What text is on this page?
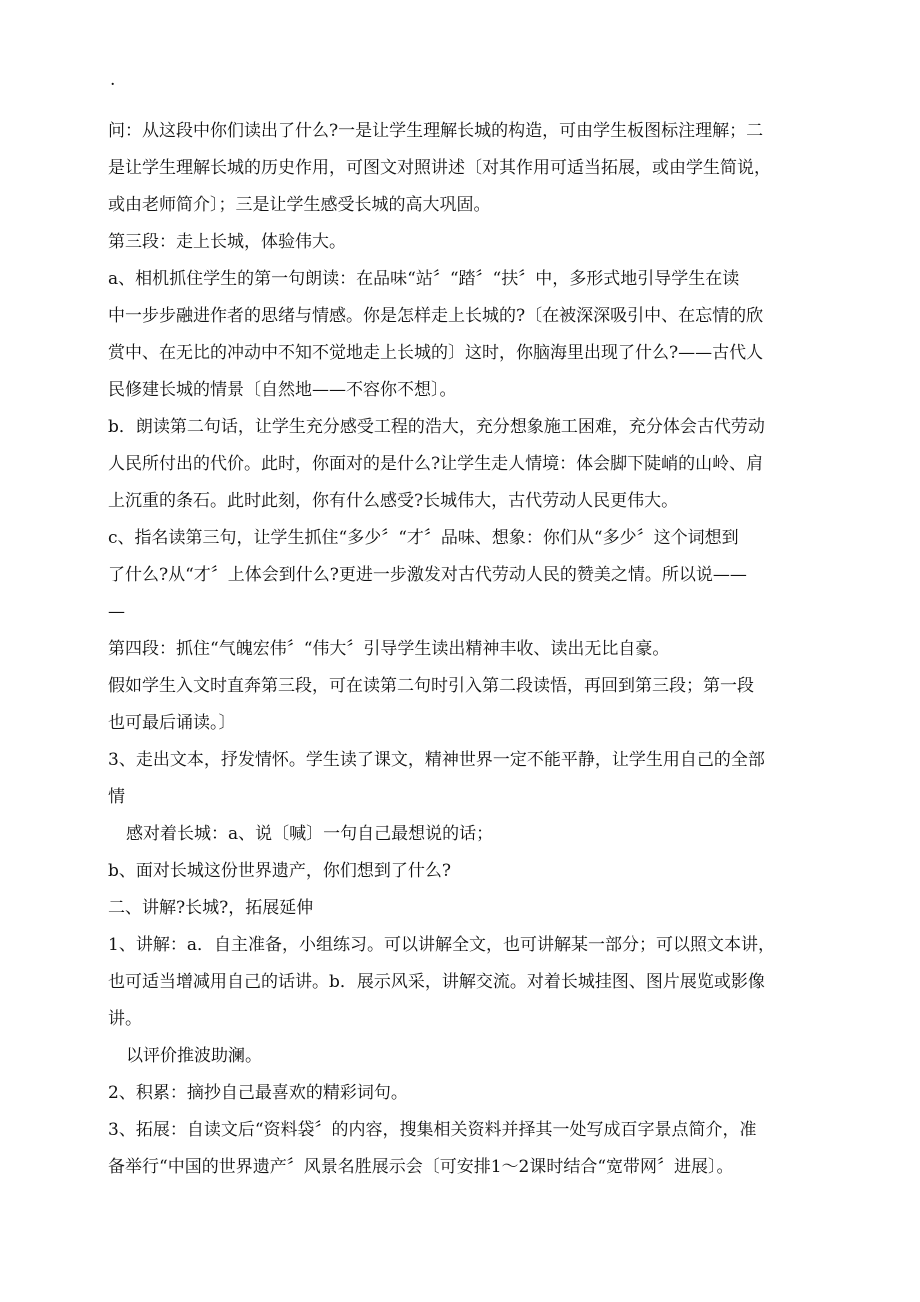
.
问：从这段中你们读出了什么?一是让学生理解长城的构造，可由学生板图标注理解；二
是让学生理解长城的历史作用，可图文对照讲述〔对其作用可适当拓展，或由学生简说，
或由老师简介〕；三是让学生感受长城的高大巩固。
第三段：走上长城，体验伟大。
a、相机抓住学生的第一句朗读：在品味“站〞“踏〞“扶〞中，多形式地引导学生在读
中一步步融进作者的思绪与情感。你是怎样走上长城的?〔在被深深吸引中、在忘情的欣
赏中、在无比的冲动中不知不觉地走上长城的〕这时，你脑海里出现了什么?——古代人
民修建长城的情景〔自然地——不容你不想〕。
b．朗读第二句话，让学生充分感受工程的浩大，充分想象施工困难，充分体会古代劳动
人民所付出的代价。此时，你面对的是什么?让学生走人情境：体会脚下陡峭的山岭、肩
上沉重的条石。此时此刻，你有什么感受?长城伟大，古代劳动人民更伟大。
c、指名读第三句，让学生抓住“多少〞“才〞品味、想象：你们从“多少〞这个词想到
了什么?从“才〞上体会到什么?更进一步激发对古代劳动人民的赞美之情。所以说——
—
第四段：抓住“气魄宏伟〞“伟大〞引导学生读出精神丰收、读出无比自豪。
假如学生入文时直奔第三段，可在读第二句时引入第二段读悟，再回到第三段；第一段
也可最后诵读。〕
3、走出文本，抒发情怀。学生读了课文，精神世界一定不能平静，让学生用自己的全部
情
感对着长城：a、说〔喊〕一句自己最想说的话；
b、面对长城这份世界遗产，你们想到了什么?
二、讲解?长城?，拓展延伸
1、讲解：a．自主准备，小组练习。可以讲解全文，也可讲解某一部分；可以照文本讲，
也可适当增减用自己的话讲。b．展示风采，讲解交流。对着长城挂图、图片展览或影像
讲。
以评价推波助澜。
2、积累：摘抄自己最喜欢的精彩词句。
3、拓展：自读文后“资料袋〞的内容，搜集相关资料并择其一处写成百字景点简介，准
备举行“中国的世界遗产〞风景名胜展示会〔可安排1～2课时结合“宽带网〞进展〕。
